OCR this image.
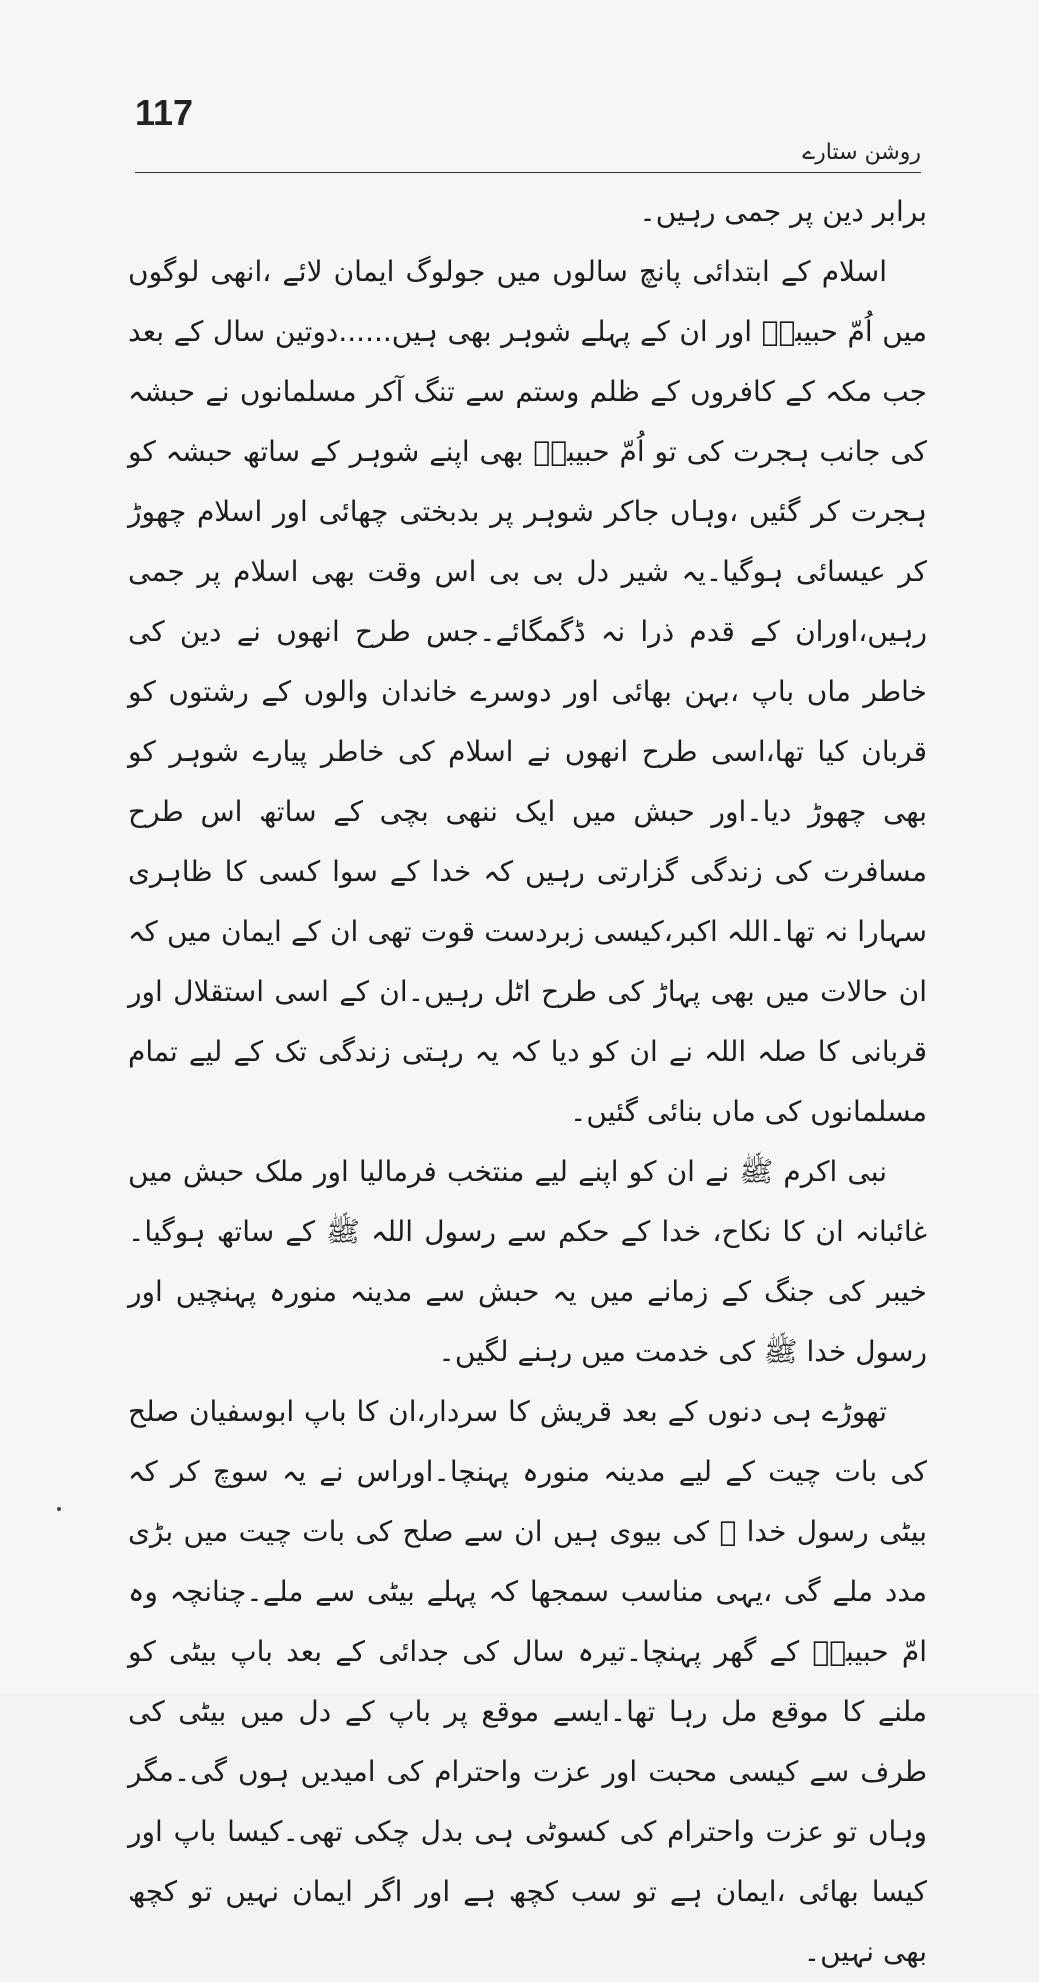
117
روشن ستارے

برابر دین پر جمی رہیں۔

اسلام کے ابتدائی پانچ سالوں میں جولوگ ایمان لائے ،انھی لوگوں میں اُمّ حبیبہؓ اور ان کے پہلے شوہر بھی ہیں......دوتین سال کے بعد جب مکہ کے کافروں کے ظلم وستم سے تنگ آکر مسلمانوں نے حبشہ کی جانب ہجرت کی تو اُمّ حبیبہؓ بھی اپنے شوہر کے ساتھ حبشہ کو ہجرت کر گئیں ،وہاں جاکر شوہر پر بدبختی چھائی اور اسلام چھوڑ کر عیسائی ہوگیا۔یہ شیر دل بی بی اس وقت بھی اسلام پر جمی رہیں،اوران کے قدم ذرا نہ ڈگمگائے۔جس طرح انھوں نے دین کی خاطر ماں باپ ،بہن بھائی اور دوسرے خاندان والوں کے رشتوں کو قربان کیا تھا،اسی طرح انھوں نے اسلام کی خاطر پیارے شوہر کو بھی چھوڑ دیا۔اور حبش میں ایک ننھی بچی کے ساتھ اس طرح مسافرت کی زندگی گزارتی رہیں کہ خدا کے سوا کسی کا ظاہری سہارا نہ تھا۔اللہ اکبر،کیسی زبردست قوت تھی ان کے ایمان میں کہ ان حالات میں بھی پہاڑ کی طرح اٹل رہیں۔ان کے اسی استقلال اور قربانی کا صلہ اللہ نے ان کو دیا کہ یہ رہتی زندگی تک کے لیے تمام مسلمانوں کی ماں بنائی گئیں۔

نبی اکرم ﷺ نے ان کو اپنے لیے منتخب فرمالیا اور ملک حبش میں غائبانہ ان کا نکاح، خدا کے حکم سے رسول اللہ ﷺ کے ساتھ ہوگیا۔خیبر کی جنگ کے زمانے میں یہ حبش سے مدینہ منورہ پہنچیں اور رسول خدا ﷺ کی خدمت میں رہنے لگیں۔

تھوڑے ہی دنوں کے بعد قریش کا سردار،ان کا باپ ابوسفیان صلح کی بات چیت کے لیے مدینہ منورہ پہنچا۔اوراس نے یہ سوچ کر کہ بیٹی رسول خدا ﷺ کی بیوی ہیں ان سے صلح کی بات چیت میں بڑی مدد ملے گی ،یہی مناسب سمجھا کہ پہلے بیٹی سے ملے۔چنانچہ وہ امّ حبیبہؓ کے گھر پہنچا۔تیرہ سال کی جدائی کے بعد باپ بیٹی کو ملنے کا موقع مل رہا تھا۔ایسے موقع پر باپ کے دل میں بیٹی کی طرف سے کیسی محبت اور عزت واحترام کی امیدیں ہوں گی۔مگر وہاں تو عزت واحترام کی کسوٹی ہی بدل چکی تھی۔کیسا باپ اور کیسا بھائی ،ایمان ہے تو سب کچھ ہے اور اگر ایمان نہیں تو کچھ بھی نہیں۔
